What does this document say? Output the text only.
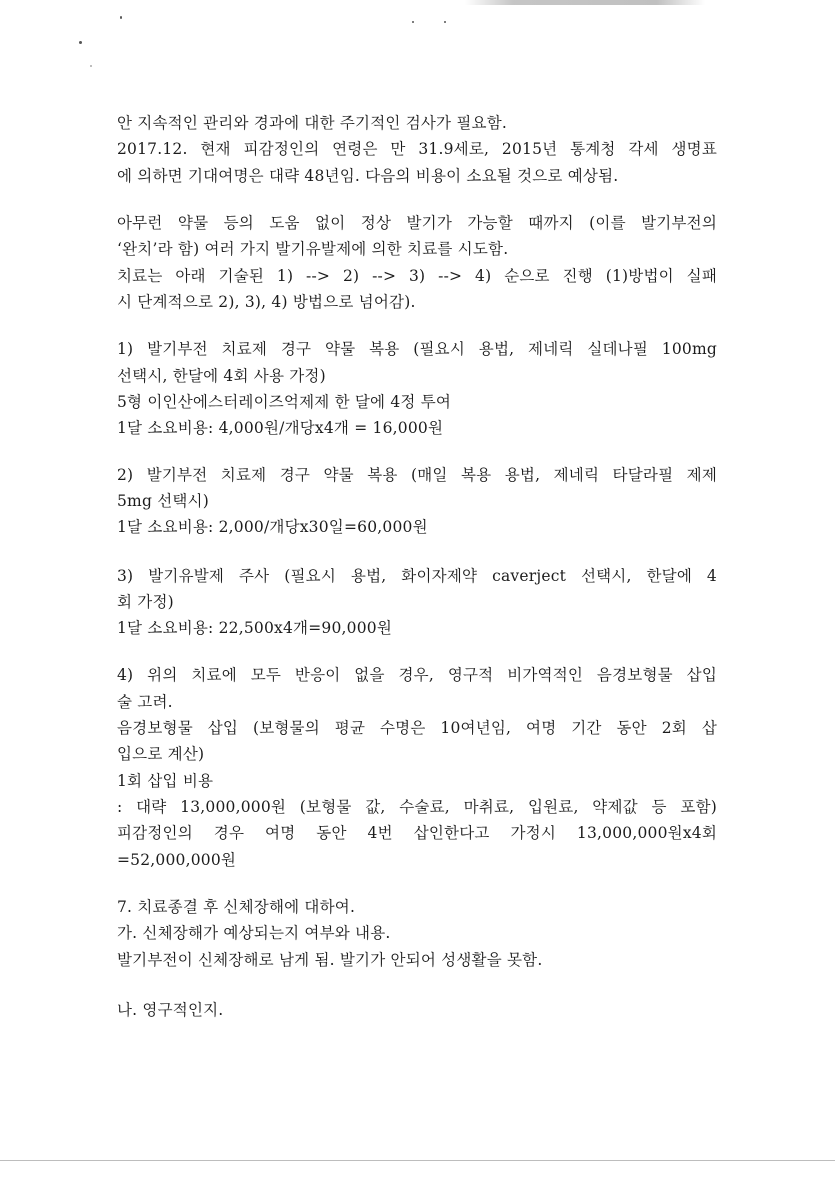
안 지속적인 관리와 경과에 대한 주기적인 검사가 필요함.
2017.12. 현재 피감정인의 연령은 만 31.9세로, 2015년 통계청 각세 생명표
에 의하면 기대여명은 대략 48년임. 다음의 비용이 소요될 것으로 예상됨.
아무런 약물 등의 도움 없이 정상 발기가 가능할 때까지 (이를 발기부전의
‘완치’라 함) 여러 가지 발기유발제에 의한 치료를 시도함.
치료는 아래 기술된 1) --> 2) --> 3) --> 4) 순으로 진행 (1)방법이 실패
시 단계적으로 2), 3), 4) 방법으로 넘어감).
1) 발기부전 치료제 경구 약물 복용 (필요시 용법, 제네릭 실데나필 100mg
선택시, 한달에 4회 사용 가정)
5형 이인산에스터레이즈억제제 한 달에 4정 투여
1달 소요비용: 4,000원/개당x4개 = 16,000원
2) 발기부전 치료제 경구 약물 복용 (매일 복용 용법, 제네릭 타달라필 제제
5mg 선택시)
1달 소요비용: 2,000/개당x30일=60,000원
3) 발기유발제 주사 (필요시 용법, 화이자제약 caverject 선택시, 한달에 4
회 가정)
1달 소요비용: 22,500x4개=90,000원
4) 위의 치료에 모두 반응이 없을 경우, 영구적 비가역적인 음경보형물 삽입
술 고려.
음경보형물 삽입 (보형물의 평균 수명은 10여년임, 여명 기간 동안 2회 삽
입으로 계산)
1회 삽입 비용
: 대략 13,000,000원 (보형물 값, 수술료, 마취료, 입원료, 약제값 등 포함)
피감정인의 경우 여명 동안 4번 삽인한다고 가정시 13,000,000원x4회
=52,000,000원
7. 치료종결 후 신체장해에 대하여.
가. 신체장해가 예상되는지 여부와 내용.
발기부전이 신체장해로 남게 됨. 발기가 안되어 성생활을 못함.
나. 영구적인지.
